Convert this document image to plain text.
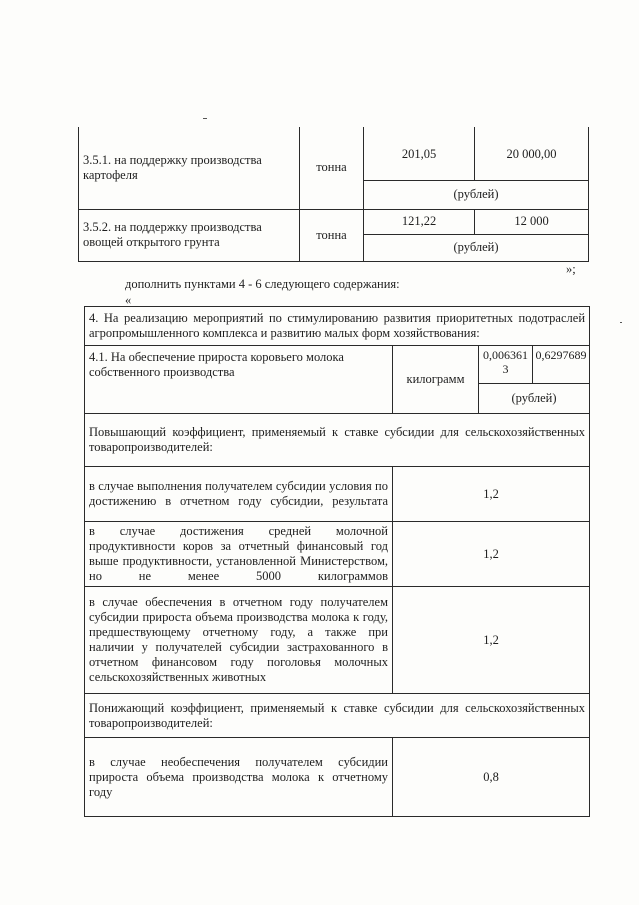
3.5.1. на поддержку производства картофеля	тонна	201,05	20 000,00
		(рублей)	
3.5.2. на поддержку производства овощей открытого грунта	тонна	121,22	12 000
		(рублей)	
»;
дополнить пунктами 4 - 6 следующего содержания:
«
4. На реализацию мероприятий по стимулированию развития приоритетных подотраслей агропромышленного комплекса и развитию малых форм хозяйствования:			
4.1. На обеспечение прироста коровьего молока собственного производства	килограмм	0,0063613	0,6297689

		(рублей)	
Повышающий коэффициент, применяемый к ставке субсидии для сельскохозяйственных товаропроизводителей:			
в случае выполнения получателем субсидии условия по достижению в отчетном году субсидии, результата	1,2		
в случае достижения средней молочной продуктивности коров за отчетный финансовый год выше продуктивности, установленной Министерством, но не менее 5000 килограммов	1,2		
в случае обеспечения в отчетном году получателем субсидии прироста объема производства молока к году, предшествующему отчетному году, а также при наличии у получателей субсидии застрахованного в отчетном финансовом году поголовья молочных сельскохозяйственных животных	1,2		
Понижающий коэффициент, применяемый к ставке субсидии для сельскохозяйственных товаропроизводителей:			
в случае необеспечения получателем субсидии прироста объема производства молока к отчетному году	0,8		
